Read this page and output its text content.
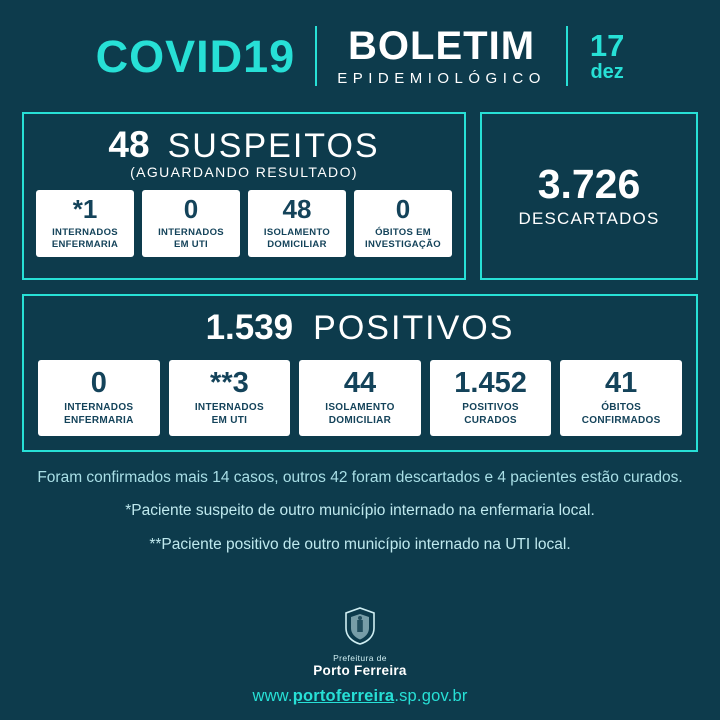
COVID19	BOLETIM
EPIDEMIOLÓGICO
17
dez
48 SUSPEITOS
(AGUARDANDO RESULTADO)
*1
INTERNADOS
ENFERMARIA
0
INTERNADOS
EM UTI
48
ISOLAMENTO
DOMICILIAR
0
ÓBITOS EM
INVESTIGAÇÃO
3.726
DESCARTADOS
1.539 POSITIVOS
0
INTERNADOS
ENFERMARIA
**3
INTERNADOS
EM UTI
44
ISOLAMENTO
DOMICILIAR
1.452
POSITIVOS
CURADOS
41
ÓBITOS
CONFIRMADOS
Foram confirmados mais 14 casos, outros 42 foram descartados e 4 pacientes estão curados.
*Paciente suspeito de outro município internado na enfermaria local.
**Paciente positivo de outro município internado na UTI local.
Prefeitura de
Porto Ferreira
www.portoferreira.sp.gov.br
